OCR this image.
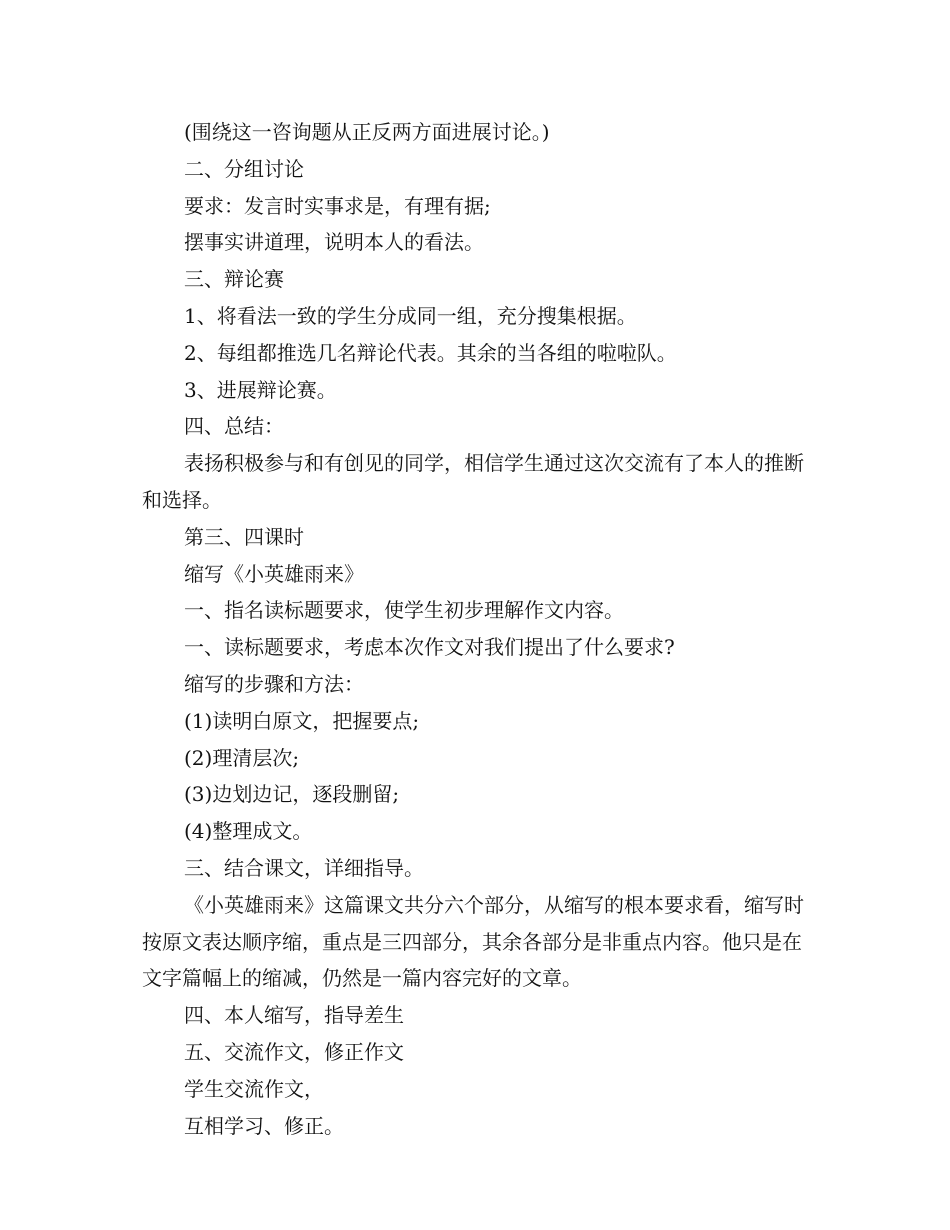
(围绕这一咨询题从正反两方面进展讨论。)

二、分组讨论

要求：发言时实事求是，有理有据;

摆事实讲道理，说明本人的看法。

三、辩论赛

1、将看法一致的学生分成同一组，充分搜集根据。

2、每组都推选几名辩论代表。其余的当各组的啦啦队。

3、进展辩论赛。

四、总结：

表扬积极参与和有创见的同学，相信学生通过这次交流有了本人的推断和选择。

第三、四课时

缩写《小英雄雨来》

一、指名读标题要求，使学生初步理解作文内容。

一、读标题要求，考虑本次作文对我们提出了什么要求?

缩写的步骤和方法：

(1)读明白原文，把握要点;

(2)理清层次;

(3)边划边记，逐段删留;

(4)整理成文。

三、结合课文，详细指导。

《小英雄雨来》这篇课文共分六个部分，从缩写的根本要求看，缩写时按原文表达顺序缩，重点是三四部分，其余各部分是非重点内容。他只是在文字篇幅上的缩减，仍然是一篇内容完好的文章。

四、本人缩写，指导差生

五、交流作文，修正作文

学生交流作文，

互相学习、修正。
